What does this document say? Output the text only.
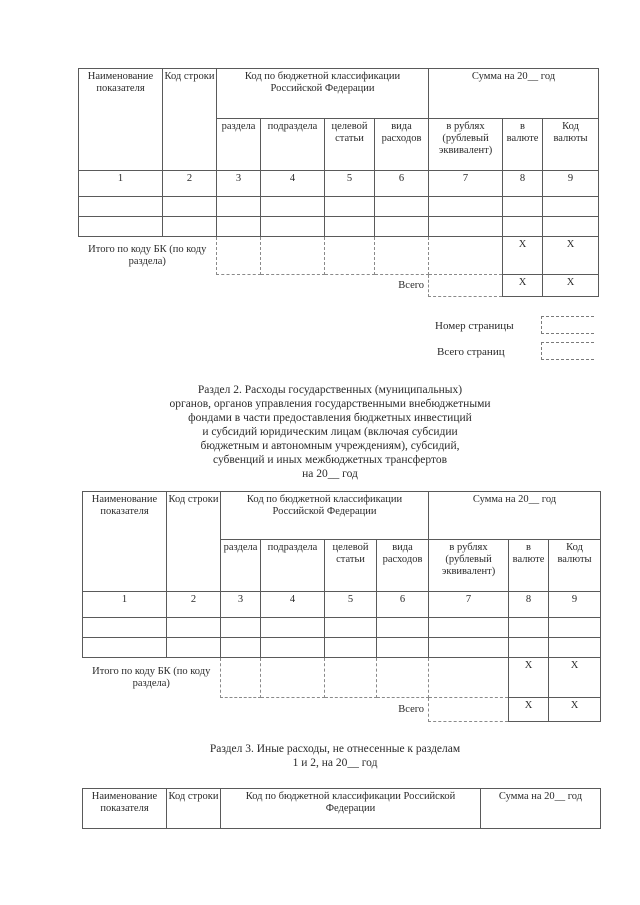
Наименование показателя	Код строки	Код по бюджетной классификации Российской Федерации				Сумма на 20__ год		
		раздела	подраздела	целевой статьи	вида расходов	в рублях (рублевый эквивалент)	в валюте	Код валюты
1	2	3	4	5	6	7	8	9

Итого по коду БК (по коду раздела)							Х	Х
					Всего		Х	Х
Номер страницы
Всего страниц
Раздел 2. Расходы государственных (муниципальных)
органов, органов управления государственными внебюджетными
фондами в части предоставления бюджетных инвестиций
и субсидий юридическим лицам (включая субсидии
бюджетным и автономным учреждениям), субсидий,
субвенций и иных межбюджетных трансфертов
на 20__ год
Наименование показателя	Код строки	Код по бюджетной классификации Российской Федерации				Сумма на 20__ год		
		раздела	подраздела	целевой статьи	вида расходов	в рублях (рублевый эквивалент)	в валюте	Код валюты
1	2	3	4	5	6	7	8	9

Итого по коду БК (по коду раздела)							Х	Х
					Всего		Х	Х
Раздел 3. Иные расходы, не отнесенные к разделам
1 и 2, на 20__ год
Наименование показателя	Код строки	Код по бюджетной классификации Российской Федерации	Сумма на 20__ год
